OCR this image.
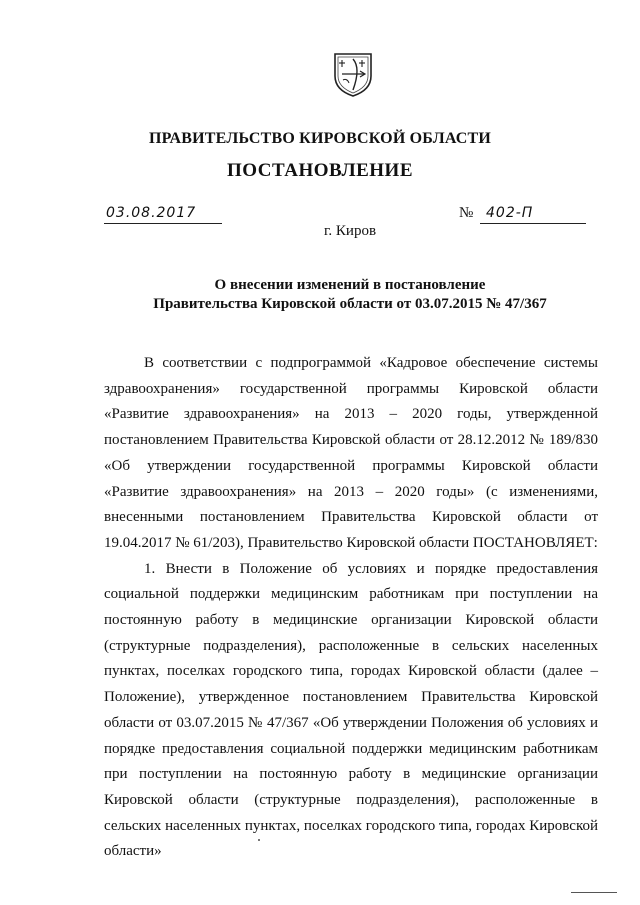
ПРАВИТЕЛЬСТВО КИРОВСКОЙ ОБЛАСТИ
ПОСТАНОВЛЕНИЕ
03.08.2017	№ 402-П
г. Киров
О внесении изменений в постановление
Правительства Кировской области от 03.07.2015 № 47/367

В соответствии с подпрограммой «Кадровое обеспечение системы здравоохранения» государственной программы Кировской области «Развитие здравоохранения» на 2013 – 2020 годы, утвержденной постановлением Правительства Кировской области от 28.12.2012 № 189/830 «Об утверждении государственной программы Кировской области «Развитие здравоохранения» на 2013 – 2020 годы» (с изменениями, внесенными постановлением Правительства Кировской области от 19.04.2017 № 61/203), Правительство Кировской области ПОСТАНОВЛЯЕТ:

1. Внести в Положение об условиях и порядке предоставления социальной поддержки медицинским работникам при поступлении на постоянную работу в медицинские организации Кировской области (структурные подразделения), расположенные в сельских населенных пунктах, поселках городского типа, городах Кировской области (далее – Положение), утвержденное постановлением Правительства Кировской области от 03.07.2015 № 47/367 «Об утверждении Положения об условиях и порядке предоставления социальной поддержки медицинским работникам при поступлении на постоянную работу в медицинские организации Кировской области (структурные подразделения), расположенные в сельских населенных пунктах, поселках городского типа, городах Кировской области»
